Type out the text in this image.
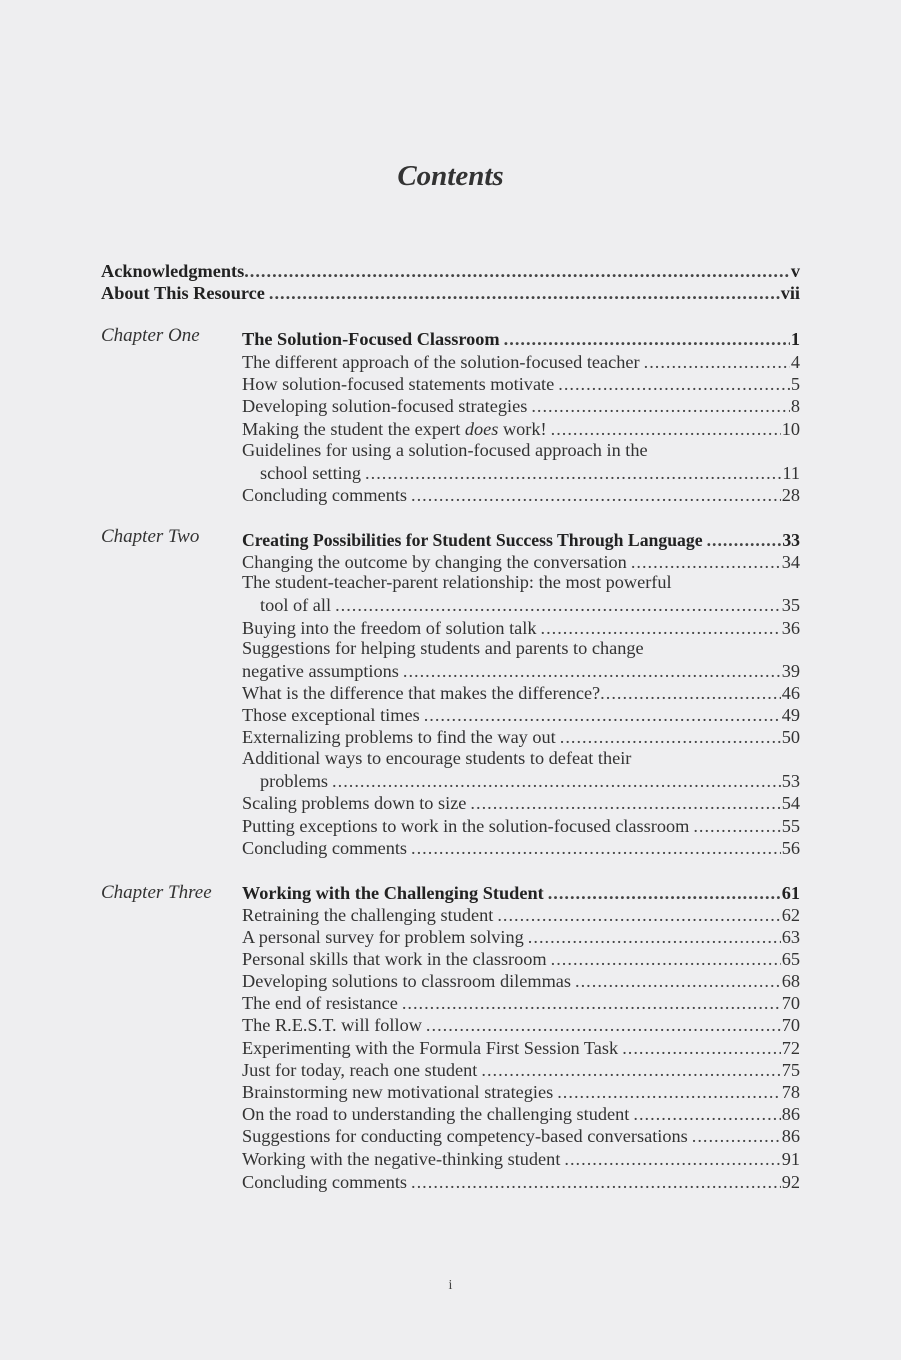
Contents
Acknowledgments .....	v
About This Resource .....	vii
Chapter One The Solution-Focused Classroom .....	1
The different approach of the solution-focused teacher .....	4
How solution-focused statements motivate .....	5
Developing solution-focused strategies .....	8
Making the student the expert does work! .....	10
Guidelines for using a solution-focused approach in the
school setting .....	11
Concluding comments .....	28
Chapter Two Creating Possibilities for Student Success Through Language .....	33
Changing the outcome by changing the conversation .....	34
The student-teacher-parent relationship: the most powerful
tool of all .....	35
Buying into the freedom of solution talk .....	36
Suggestions for helping students and parents to change
negative assumptions .....	39
What is the difference that makes the difference? .....	46
Those exceptional times .....	49
Externalizing problems to find the way out .....	50
Additional ways to encourage students to defeat their
problems .....	53
Scaling problems down to size .....	54
Putting exceptions to work in the solution-focused classroom .....	55
Concluding comments .....	56
Chapter Three Working with the Challenging Student .....	61
Retraining the challenging student .....	62
A personal survey for problem solving .....	63
Personal skills that work in the classroom .....	65
Developing solutions to classroom dilemmas .....	68
The end of resistance .....	70
The R.E.S.T. will follow .....	70
Experimenting with the Formula First Session Task .....	72
Just for today, reach one student .....	75
Brainstorming new motivational strategies .....	78
On the road to understanding the challenging student .....	86
Suggestions for conducting competency-based conversations .....	86
Working with the negative-thinking student .....	91
Concluding comments .....	92
i
